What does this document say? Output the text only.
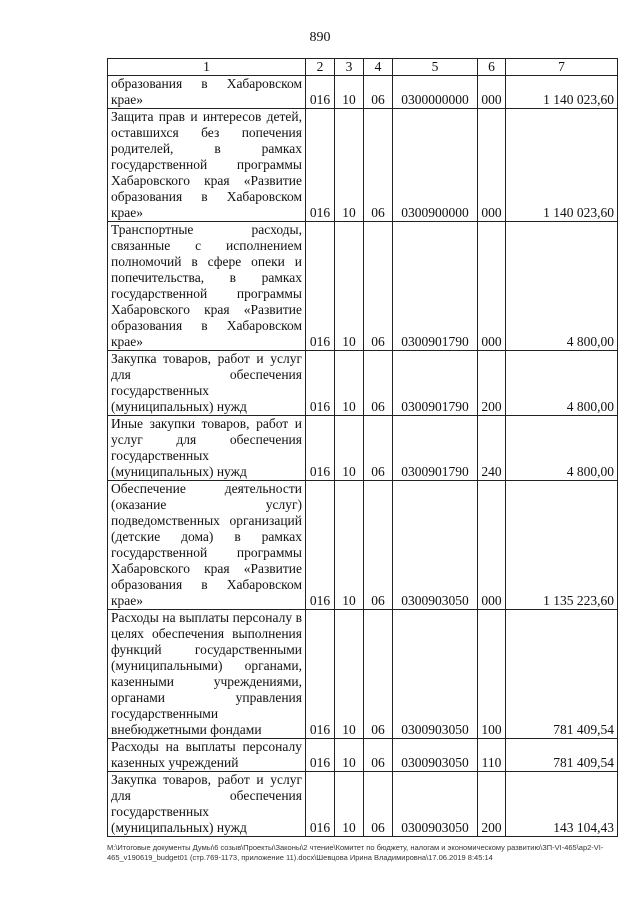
890
1	2	3	4	5	6	7
образования в Хабаровском крае»	016	10	06	0300000000	000	1 140 023,60
Защита прав и интересов детей, оставшихся без попечения родителей, в рамках государственной программы Хабаровского края «Развитие образования в Хабаровском крае»	016	10	06	0300900000	000	1 140 023,60
Транспортные расходы, связанные с исполнением полномочий в сфере опеки и попечительства, в рамках государственной программы Хабаровского края «Развитие образования в Хабаровском крае»	016	10	06	0300901790	000	4 800,00
Закупка товаров, работ и услуг для обеспечения государственных (муниципальных) нужд	016	10	06	0300901790	200	4 800,00
Иные закупки товаров, работ и услуг для обеспечения государственных (муниципальных) нужд	016	10	06	0300901790	240	4 800,00
Обеспечение деятельности (оказание услуг) подведомственных организаций (детские дома) в рамках государственной программы Хабаровского края «Развитие образования в Хабаровском крае»	016	10	06	0300903050	000	1 135 223,60
Расходы на выплаты персоналу в целях обеспечения выполнения функций государственными (муниципальными) органами, казенными учреждениями, органами управления государственными внебюджетными фондами	016	10	06	0300903050	100	781 409,54
Расходы на выплаты персоналу казенных учреждений	016	10	06	0300903050	110	781 409,54
Закупка товаров, работ и услуг для обеспечения государственных (муниципальных) нужд	016	10	06	0300903050	200	143 104,43
М:\Итоговые документы Думы\6 созыв\Проекты\Законы\2 чтение\Комитет по бюджету, налогам и экономическому развитию\ЗП-VI-465\ар2-VI-465_v190619_budget01 (стр.769-1173, приложение 11).docx\Шевцова Ирина Владимировна\17.06.2019 8:45:14
